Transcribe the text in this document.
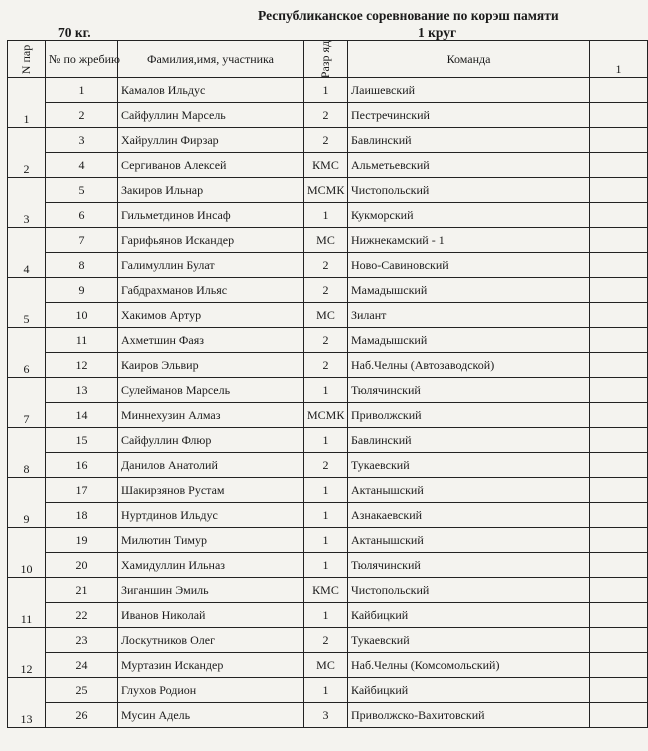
Республиканское соревнование по корэш памяти
70 кг.	1 круг
N пар	№ по жребию	Фамилия,имя, участника	Разр яд	Команда	1
1	1	Камалов Ильдус	1	Лаишевский	
	2	Сайфуллин Марсель	2	Пестречинский	
2	3	Хайруллин Фирзар	2	Бавлинский	
	4	Сергиванов Алексей	КМС	Альметьевский	
3	5	Закиров Ильнар	МСМК	Чистопольский	
	6	Гильметдинов Инсаф	1	Кукморский	
4	7	Гарифьянов Искандер	МС	Нижнекамский - 1	
	8	Галимуллин Булат	2	Ново-Савиновский	
5	9	Габдрахманов Ильяс	2	Мамадышский	
	10	Хакимов Артур	МС	Зилант	
6	11	Ахметшин Фаяз	2	Мамадышский	
	12	Каиров Эльвир	2	Наб.Челны (Автозаводской)	
7	13	Сулейманов Марсель	1	Тюлячинский	
	14	Миннехузин Алмаз	МСМК	Приволжский	
8	15	Сайфуллин Флюр	1	Бавлинский	
	16	Данилов Анатолий	2	Тукаевский	
9	17	Шакирзянов Рустам	1	Актанышский	
	18	Нуртдинов Ильдус	1	Азнакаевский	
10	19	Милютин Тимур	1	Актанышский	
	20	Хамидуллин Ильназ	1	Тюлячинский	
11	21	Зиганшин Эмиль	КМС	Чистопольский	
	22	Иванов Николай	1	Кайбицкий	
12	23	Лоскутников Олег	2	Тукаевский	
	24	Муртазин Искандер	МС	Наб.Челны (Комсомольский)	
13	25	Глухов Родион	1	Кайбицкий	
	26	Мусин Адель	3	Приволжско-Вахитовский	
